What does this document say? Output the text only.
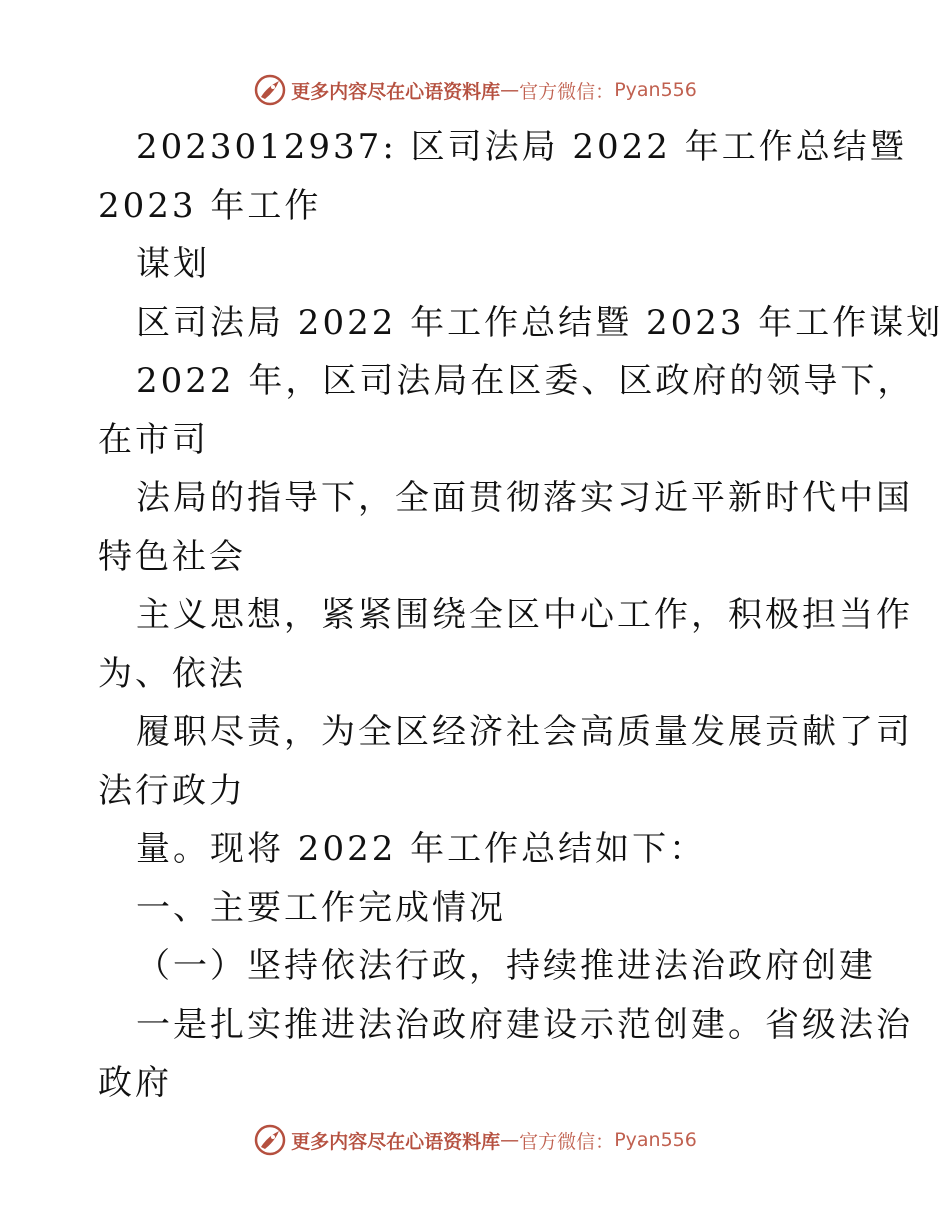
更多内容尽在心语资料库 — 官方微信： Pyan556
2023012937: 区司法局 2022 年工作总结暨
2023 年工作
谋划
区司法局 2022 年工作总结暨 2023 年工作谋划
2022 年，区司法局在区委、区政府的领导下，
在市司
法局的指导下，全面贯彻落实习近平新时代中国
特色社会
主义思想，紧紧围绕全区中心工作，积极担当作
为、依法
履职尽责，为全区经济社会高质量发展贡献了司
法行政力
量。现将 2022 年工作总结如下：
一、主要工作完成情况
（一）坚持依法行政，持续推进法治政府创建
一是扎实推进法治政府建设示范创建。省级法治
政府
更多内容尽在心语资料库 — 官方微信： Pyan556
